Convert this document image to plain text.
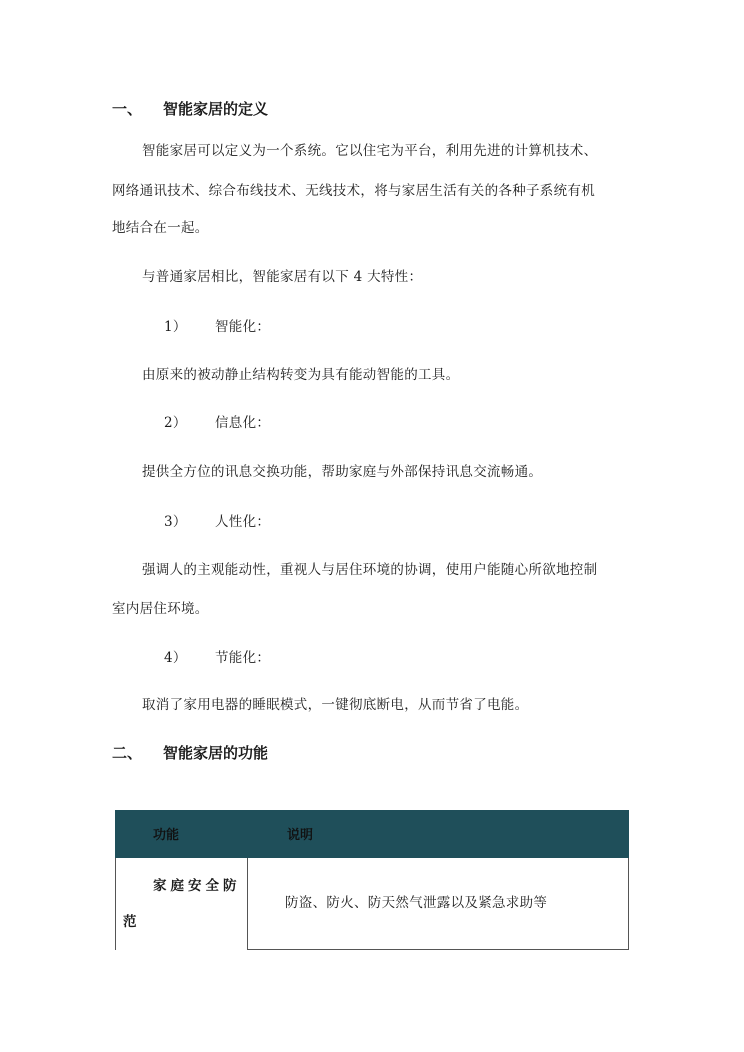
一、 智能家居的定义
智能家居可以定义为一个系统。它以住宅为平台，利用先进的计算机技术、
网络通讯技术、综合布线技术、无线技术，将与家居生活有关的各种子系统有机
地结合在一起。
与普通家居相比，智能家居有以下 4 大特性：
1） 智能化：
由原来的被动静止结构转变为具有能动智能的工具。
2） 信息化：
提供全方位的讯息交换功能，帮助家庭与外部保持讯息交流畅通。
3） 人性化：
强调人的主观能动性，重视人与居住环境的协调，使用户能随心所欲地控制
室内居住环境。
4） 节能化：
取消了家用电器的睡眠模式，一键彻底断电，从而节省了电能。
二、 智能家居的功能
功能	说明
家庭安全防
范
防盗、防火、防天然气泄露以及紧急求助等
